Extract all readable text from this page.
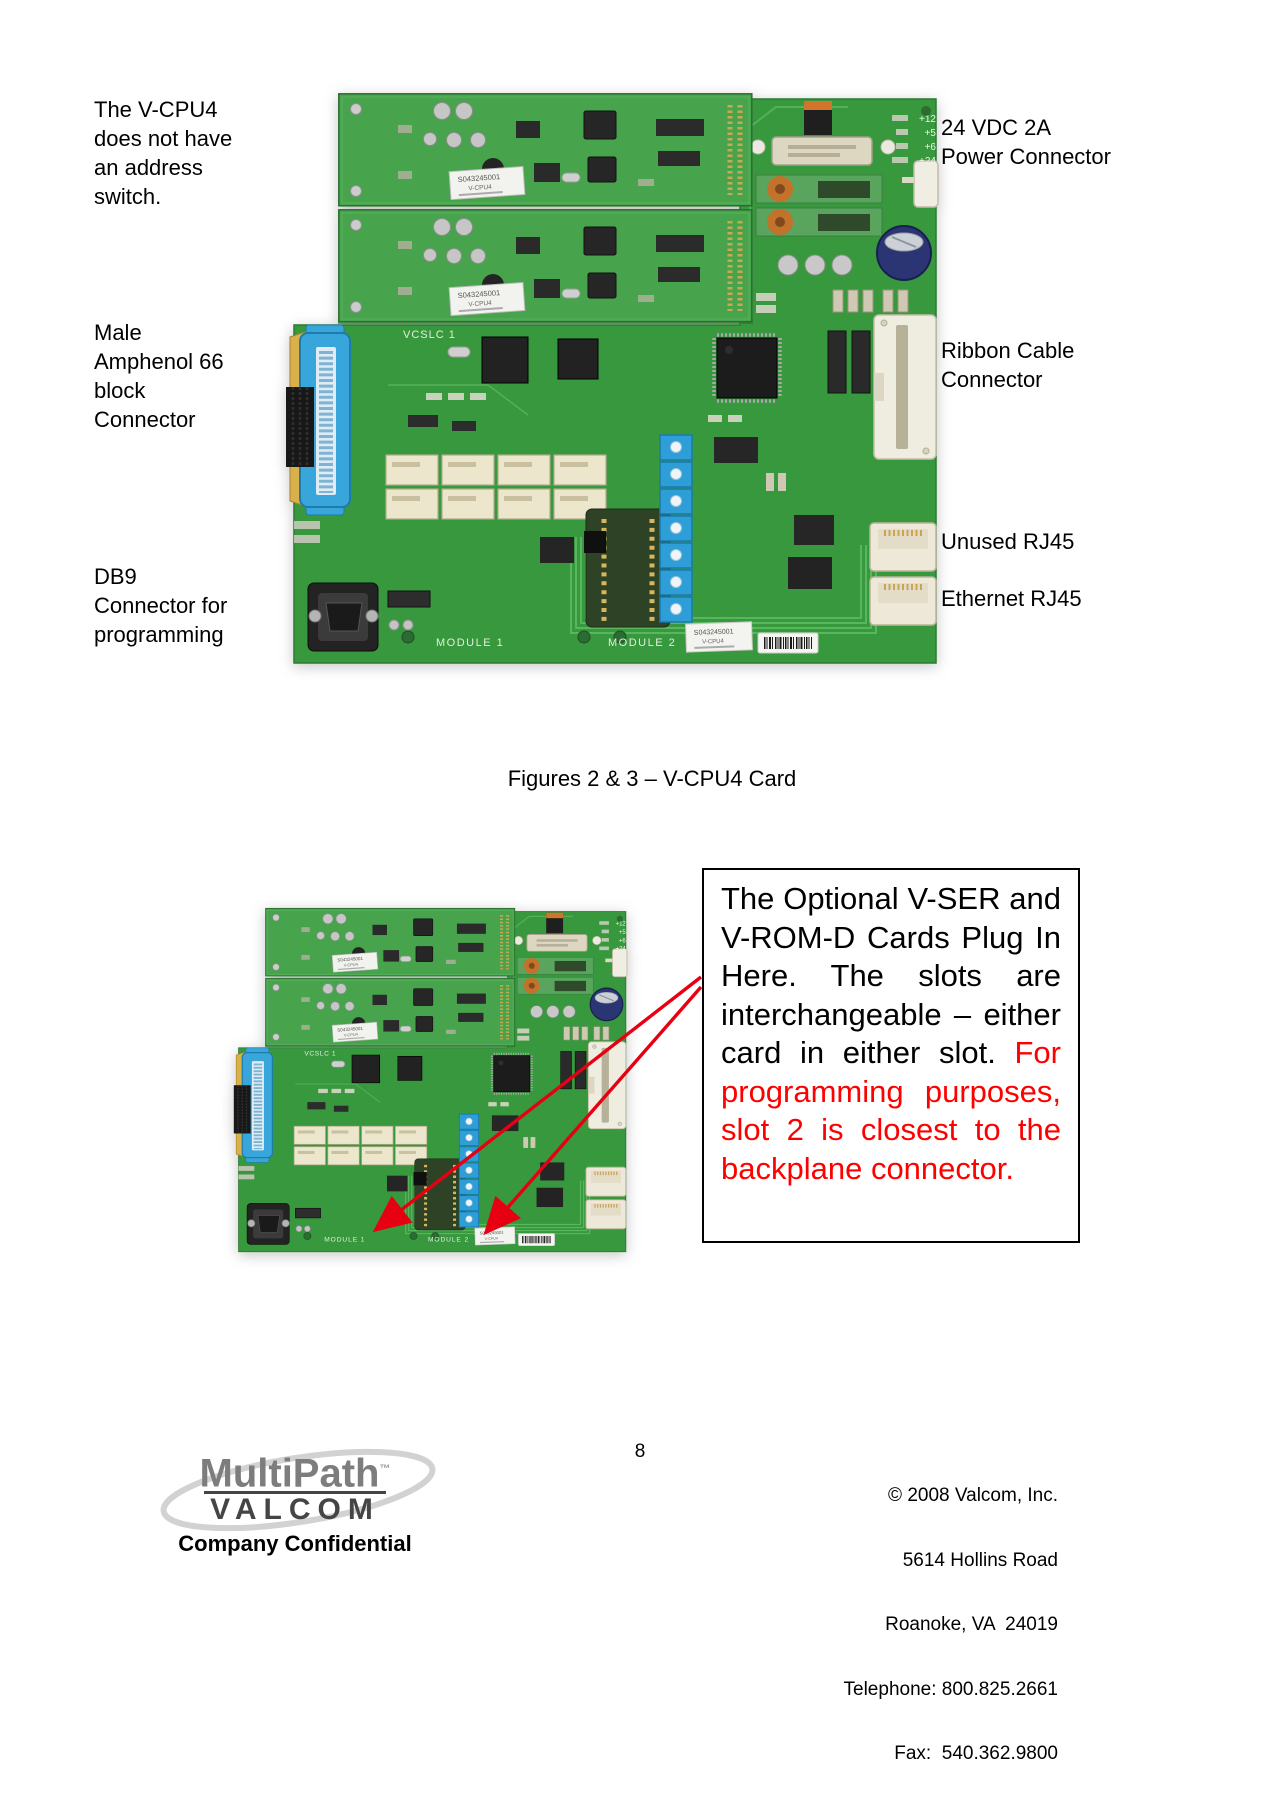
The V-CPU4 does not have an address switch.
Male Amphenol 66 block Connector
DB9 Connector for programming
24 VDC 2A Power Connector
Ribbon Cable Connector
Unused RJ45
Ethernet RJ45
Figures 2 & 3 – V-CPU4 Card
The Optional V-SER and V-ROM-D Cards Plug In Here. The slots are interchangeable – either card in either slot. For programming purposes, slot 2 is closest to the backplane connector.
8
MultiPath™
VALCOM
Company Confidential

© 2008 Valcom, Inc.

5614 Hollins Road

Roanoke, VA  24019

Telephone: 800.825.2661

Fax:  540.362.9800
